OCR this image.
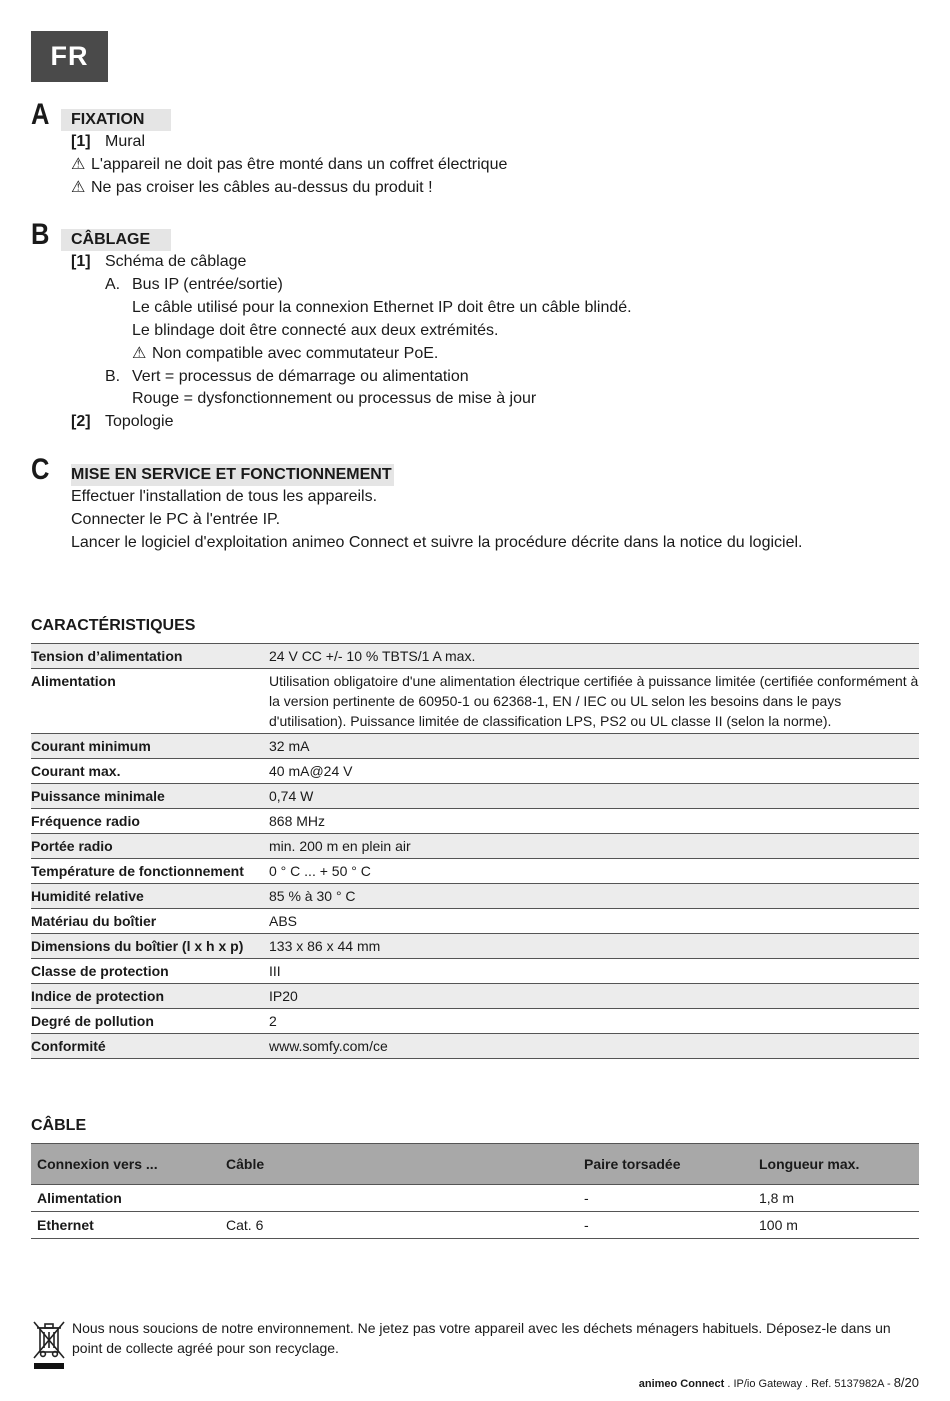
FR
A FIXATION
[1] Mural
⚠ L'appareil ne doit pas être monté dans un coffret électrique
⚠ Ne pas croiser les câbles au-dessus du produit !
B CÂBLAGE
[1] Schéma de câblage
A. Bus IP (entrée/sortie)
Le câble utilisé pour la connexion Ethernet IP doit être un câble blindé.
Le blindage doit être connecté aux deux extrémités.
⚠ Non compatible avec commutateur PoE.
B. Vert = processus de démarrage ou alimentation
Rouge = dysfonctionnement ou processus de mise à jour
[2] Topologie
C MISE EN SERVICE ET FONCTIONNEMENT
Effectuer l'installation de tous les appareils.
Connecter le PC à l'entrée IP.
Lancer le logiciel d'exploitation animeo Connect et suivre la procédure décrite dans la notice du logiciel.
CARACTÉRISTIQUES
Tension d’alimentation	24 V CC +/- 10 % TBTS/1 A max.
Alimentation	Utilisation obligatoire d'une alimentation électrique certifiée à puissance limitée (certifiée conformément à la version pertinente de 60950-1 ou 62368-1, EN / IEC ou UL selon les besoins dans le pays d'utilisation). Puissance limitée de classification LPS, PS2 ou UL classe II (selon la norme).
Courant minimum	32 mA
Courant max.	40 mA@24 V
Puissance minimale	0,74 W
Fréquence radio	868 MHz
Portée radio	min. 200 m en plein air
Température de fonctionnement	0 ° C ... + 50 ° C
Humidité relative	85 % à 30 ° C
Matériau du boîtier	ABS
Dimensions du boîtier (l x h x p)	133 x 86 x 44 mm
Classe de protection	III
Indice de protection	IP20
Degré de pollution	2
Conformité	www.somfy.com/ce
CÂBLE
Connexion vers ...	Câble	Paire torsadée	Longueur max.
Alimentation		-	1,8 m
Ethernet	Cat. 6	-	100 m
Nous nous soucions de notre environnement. Ne jetez pas votre appareil avec les déchets ménagers habituels. Déposez-le dans un point de collecte agréé pour son recyclage.
animeo Connect . IP/io Gateway . Ref. 5137982A - 8/20
